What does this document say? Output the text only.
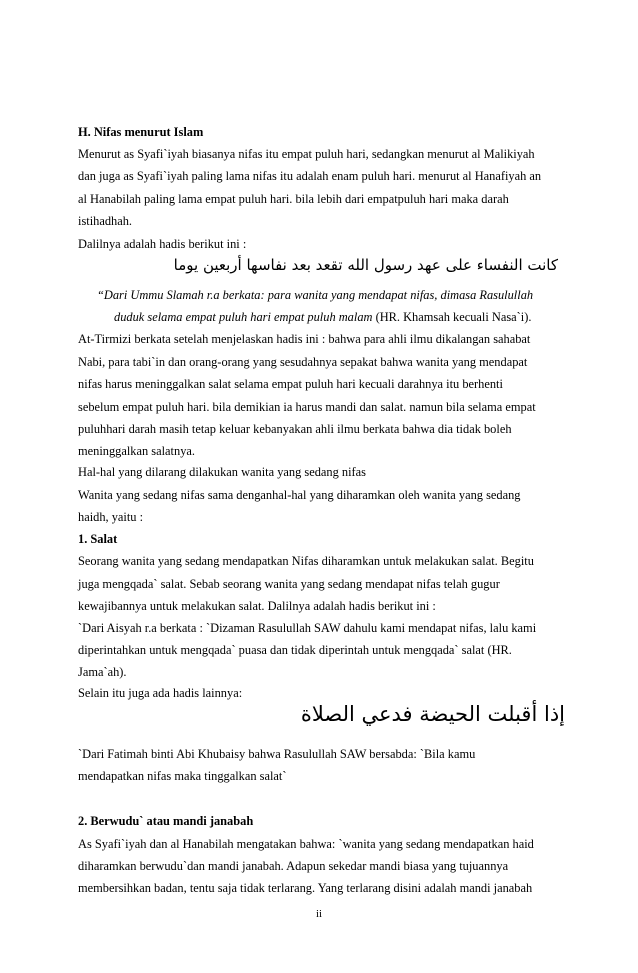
H. Nifas menurut Islam
Menurut as Syafi`iyah biasanya nifas itu empat puluh hari, sedangkan menurut al Malikiyah
dan juga as Syafi`iyah paling lama nifas itu adalah enam puluh hari. menurut al Hanafiyah an
al Hanabilah paling lama empat puluh hari. bila lebih dari empatpuluh hari maka darah
istihadhah.
Dalilnya adalah hadis berikut ini :
كانت النفساء على عهد رسول الله تقعد بعد نفاسها أربعين يوما
“Dari Ummu Slamah r.a berkata: para wanita yang mendapat nifas, dimasa Rasulullah
duduk selama empat puluh hari empat puluh malam (HR. Khamsah kecuali Nasa`i).
At-Tirmizi berkata setelah menjelaskan hadis ini : bahwa para ahli ilmu dikalangan sahabat
Nabi, para tabi`in dan orang-orang yang sesudahnya sepakat bahwa wanita yang mendapat
nifas harus meninggalkan salat selama empat puluh hari kecuali darahnya itu berhenti
sebelum empat puluh hari. bila demikian ia harus mandi dan salat. namun bila selama empat
puluhhari darah masih tetap keluar kebanyakan ahli ilmu berkata bahwa dia tidak boleh
meninggalkan salatnya.
Hal-hal yang dilarang dilakukan wanita yang sedang nifas
Wanita yang sedang nifas sama denganhal-hal yang diharamkan oleh wanita yang sedang
haidh, yaitu :
1. Salat
Seorang wanita yang sedang mendapatkan Nifas diharamkan untuk melakukan salat. Begitu
juga mengqada` salat. Sebab seorang wanita yang sedang mendapat nifas telah gugur
kewajibannya untuk melakukan salat. Dalilnya adalah hadis berikut ini :
`Dari Aisyah r.a berkata : `Dizaman Rasulullah SAW dahulu kami mendapat nifas, lalu kami
diperintahkan untuk mengqada` puasa dan tidak diperintah untuk mengqada` salat (HR.
Jama`ah).
Selain itu juga ada hadis lainnya:
إذا أقبلت الحيضة فدعي الصلاة
`Dari Fatimah binti Abi Khubaisy bahwa Rasulullah SAW bersabda: `Bila kamu
mendapatkan nifas maka tinggalkan salat`
2. Berwudu` atau mandi janabah
As Syafi`iyah dan al Hanabilah mengatakan bahwa: `wanita yang sedang mendapatkan haid
diharamkan berwudu`dan mandi janabah. Adapun sekedar mandi biasa yang tujuannya
membersihkan badan, tentu saja tidak terlarang. Yang terlarang disini adalah mandi janabah
ii
